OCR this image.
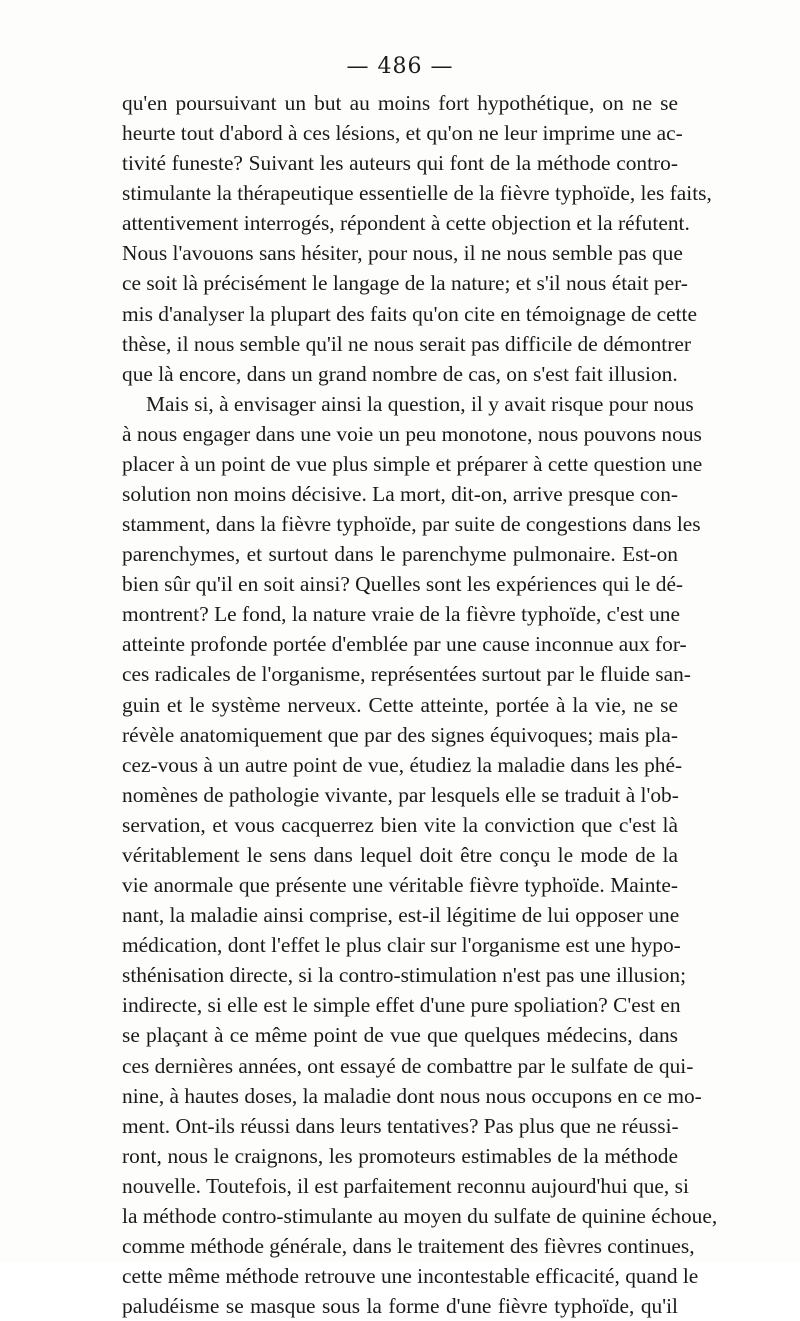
— 486 —
qu'en poursuivant un but au moins fort hypothétique, on ne se
heurte tout d'abord à ces lésions, et qu'on ne leur imprime une ac-
tivité funeste? Suivant les auteurs qui font de la méthode contro-
stimulante la thérapeutique essentielle de la fièvre typhoïde, les faits,
attentivement interrogés, répondent à cette objection et la réfutent.
Nous l'avouons sans hésiter, pour nous, il ne nous semble pas que
ce soit là précisément le langage de la nature; et s'il nous était per-
mis d'analyser la plupart des faits qu'on cite en témoignage de cette
thèse, il nous semble qu'il ne nous serait pas difficile de démontrer
que là encore, dans un grand nombre de cas, on s'est fait illusion.
Mais si, à envisager ainsi la question, il y avait risque pour nous
à nous engager dans une voie un peu monotone, nous pouvons nous
placer à un point de vue plus simple et préparer à cette question une
solution non moins décisive. La mort, dit-on, arrive presque con-
stamment, dans la fièvre typhoïde, par suite de congestions dans les
parenchymes, et surtout dans le parenchyme pulmonaire. Est-on
bien sûr qu'il en soit ainsi? Quelles sont les expériences qui le dé-
montrent? Le fond, la nature vraie de la fièvre typhoïde, c'est une
atteinte profonde portée d'emblée par une cause inconnue aux for-
ces radicales de l'organisme, représentées surtout par le fluide san-
guin et le système nerveux. Cette atteinte, portée à la vie, ne se
révèle anatomiquement que par des signes équivoques; mais pla-
cez-vous à un autre point de vue, étudiez la maladie dans les phé-
nomènes de pathologie vivante, par lesquels elle se traduit à l'ob-
servation, et vous cacquerrez bien vite la conviction que c'est là
véritablement le sens dans lequel doit être conçu le mode de la
vie anormale que présente une véritable fièvre typhoïde. Mainte-
nant, la maladie ainsi comprise, est-il légitime de lui opposer une
médication, dont l'effet le plus clair sur l'organisme est une hypo-
sthénisation directe, si la contro-stimulation n'est pas une illusion;
indirecte, si elle est le simple effet d'une pure spoliation? C'est en
se plaçant à ce même point de vue que quelques médecins, dans
ces dernières années, ont essayé de combattre par le sulfate de qui-
nine, à hautes doses, la maladie dont nous nous occupons en ce mo-
ment. Ont-ils réussi dans leurs tentatives? Pas plus que ne réussi-
ront, nous le craignons, les promoteurs estimables de la méthode
nouvelle. Toutefois, il est parfaitement reconnu aujourd'hui que, si
la méthode contro-stimulante au moyen du sulfate de quinine échoue,
comme méthode générale, dans le traitement des fièvres continues,
cette même méthode retrouve une incontestable efficacité, quand le
paludéisme se masque sous la forme d'une fièvre typhoïde, qu'il
